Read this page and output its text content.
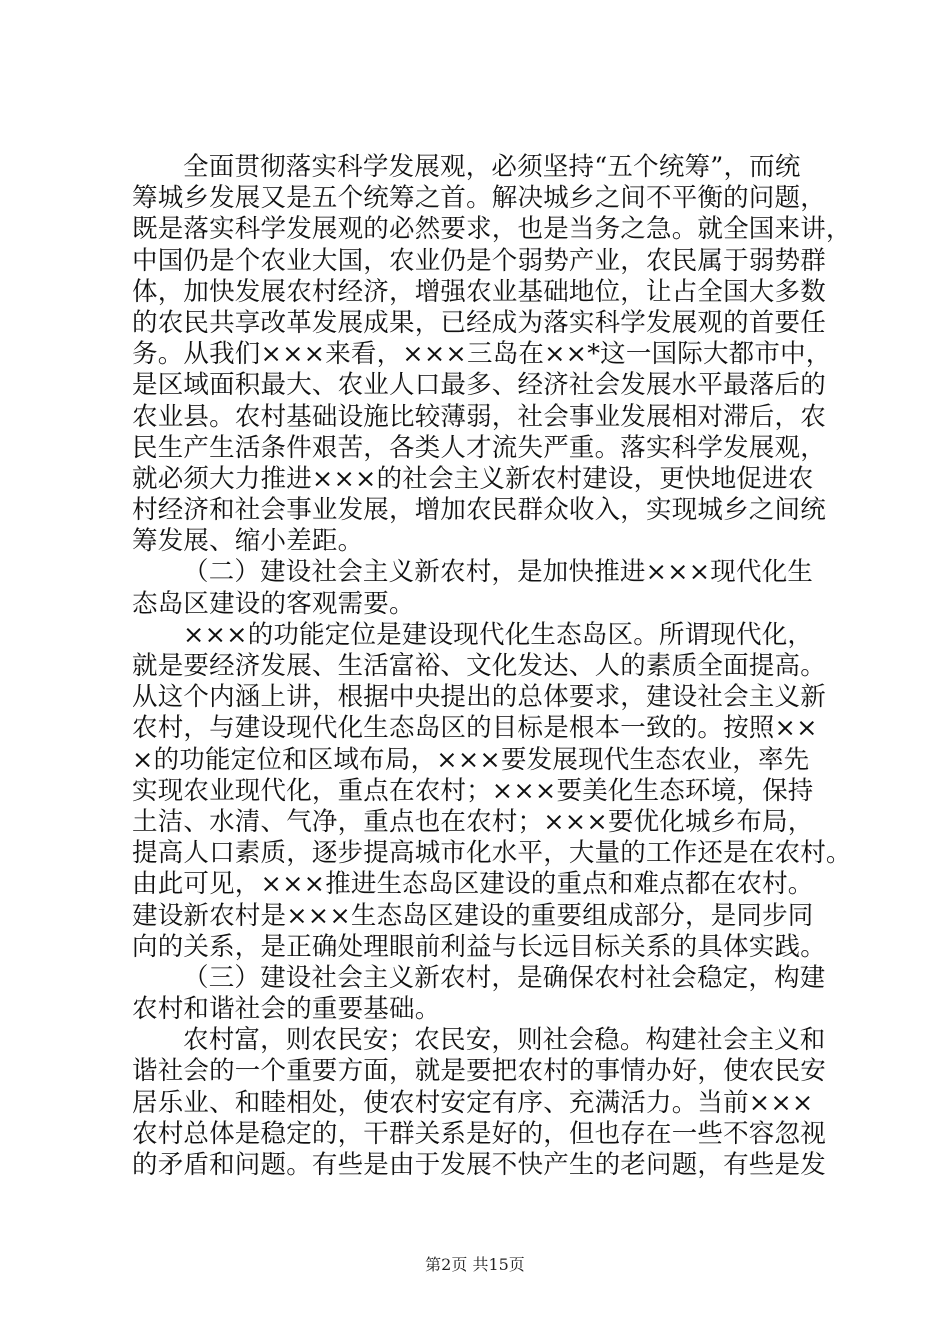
全面贯彻落实科学发展观，必须坚持“五个统筹”，而统
筹城乡发展又是五个统筹之首。解决城乡之间不平衡的问题，
既是落实科学发展观的必然要求，也是当务之急。就全国来讲，
中国仍是个农业大国，农业仍是个弱势产业，农民属于弱势群
体，加快发展农村经济，增强农业基础地位，让占全国大多数
的农民共享改革发展成果，已经成为落实科学发展观的首要任
务。从我们×××来看，×××三岛在××*这一国际大都市中，
是区域面积最大、农业人口最多、经济社会发展水平最落后的
农业县。农村基础设施比较薄弱，社会事业发展相对滞后，农
民生产生活条件艰苦，各类人才流失严重。落实科学发展观，
就必须大力推进×××的社会主义新农村建设，更快地促进农
村经济和社会事业发展，增加农民群众收入，实现城乡之间统
筹发展、缩小差距。
（二）建设社会主义新农村，是加快推进×××现代化生
态岛区建设的客观需要。
×××的功能定位是建设现代化生态岛区。所谓现代化，
就是要经济发展、生活富裕、文化发达、人的素质全面提高。
从这个内涵上讲，根据中央提出的总体要求，建设社会主义新
农村，与建设现代化生态岛区的目标是根本一致的。按照××
×的功能定位和区域布局，×××要发展现代生态农业，率先
实现农业现代化，重点在农村；×××要美化生态环境，保持
土洁、水清、气净，重点也在农村；×××要优化城乡布局，
提高人口素质，逐步提高城市化水平，大量的工作还是在农村。
由此可见，×××推进生态岛区建设的重点和难点都在农村。
建设新农村是×××生态岛区建设的重要组成部分，是同步同
向的关系，是正确处理眼前利益与长远目标关系的具体实践。
（三）建设社会主义新农村，是确保农村社会稳定，构建
农村和谐社会的重要基础。
农村富，则农民安；农民安，则社会稳。构建社会主义和
谐社会的一个重要方面，就是要把农村的事情办好，使农民安
居乐业、和睦相处，使农村安定有序、充满活力。当前×××
农村总体是稳定的，干群关系是好的，但也存在一些不容忽视
的矛盾和问题。有些是由于发展不快产生的老问题，有些是发
第2页 共15页
